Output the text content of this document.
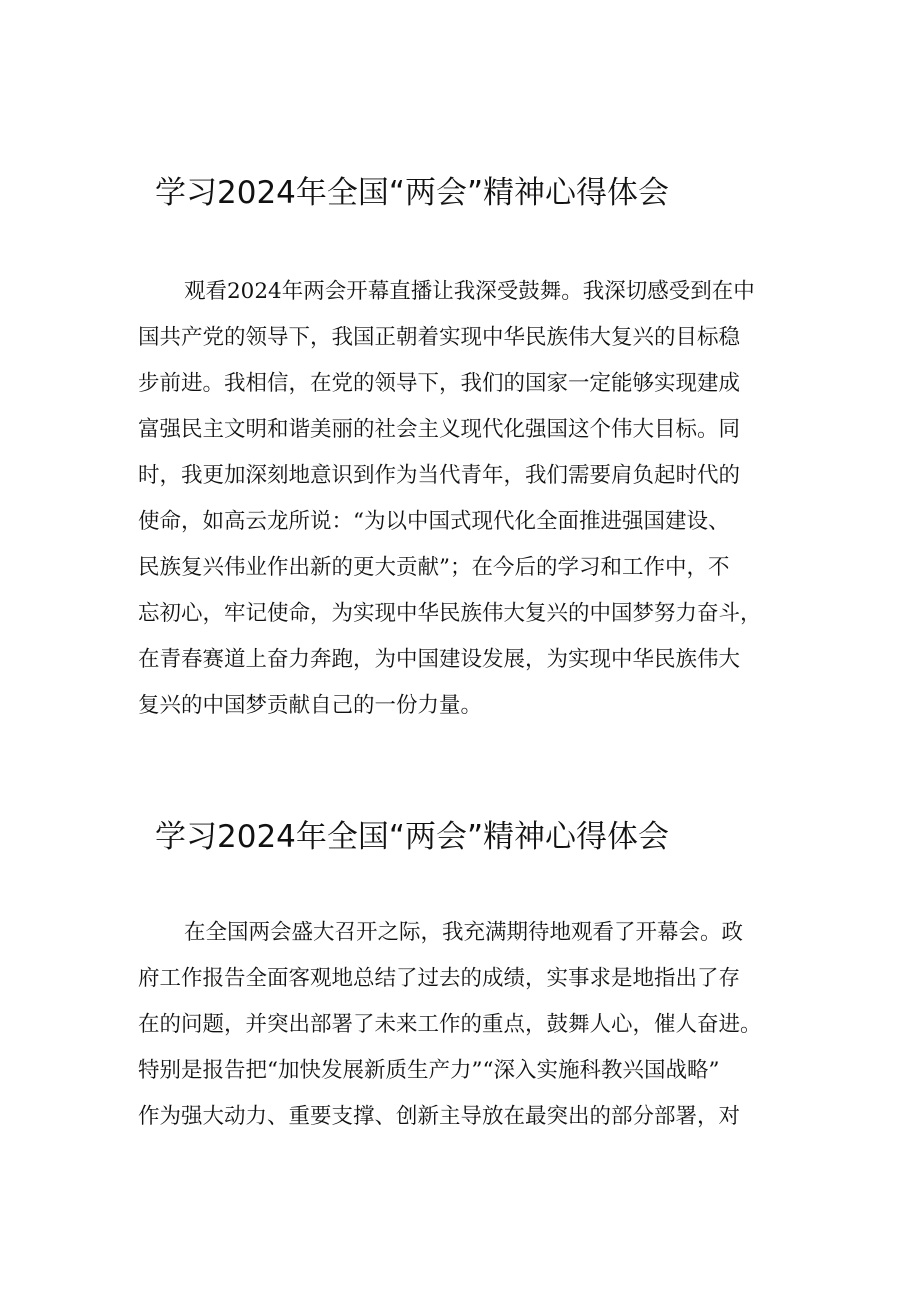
学习2024年全国“两会”精神心得体会
观看2024年两会开幕直播让我深受鼓舞。我深切感受到在中
国共产党的领导下，我国正朝着实现中华民族伟大复兴的目标稳
步前进。我相信，在党的领导下，我们的国家一定能够实现建成
富强民主文明和谐美丽的社会主义现代化强国这个伟大目标。同
时，我更加深刻地意识到作为当代青年，我们需要肩负起时代的
使命，如高云龙所说：“为以中国式现代化全面推进强国建设、
民族复兴伟业作出新的更大贡献”；在今后的学习和工作中，不
忘初心，牢记使命，为实现中华民族伟大复兴的中国梦努力奋斗，
在青春赛道上奋力奔跑，为中国建设发展，为实现中华民族伟大
复兴的中国梦贡献自己的一份力量。
学习2024年全国“两会”精神心得体会
在全国两会盛大召开之际，我充满期待地观看了开幕会。政
府工作报告全面客观地总结了过去的成绩，实事求是地指出了存
在的问题，并突出部署了未来工作的重点，鼓舞人心，催人奋进。
特别是报告把“加快发展新质生产力”“深入实施科教兴国战略”
作为强大动力、重要支撑、创新主导放在最突出的部分部署，对
